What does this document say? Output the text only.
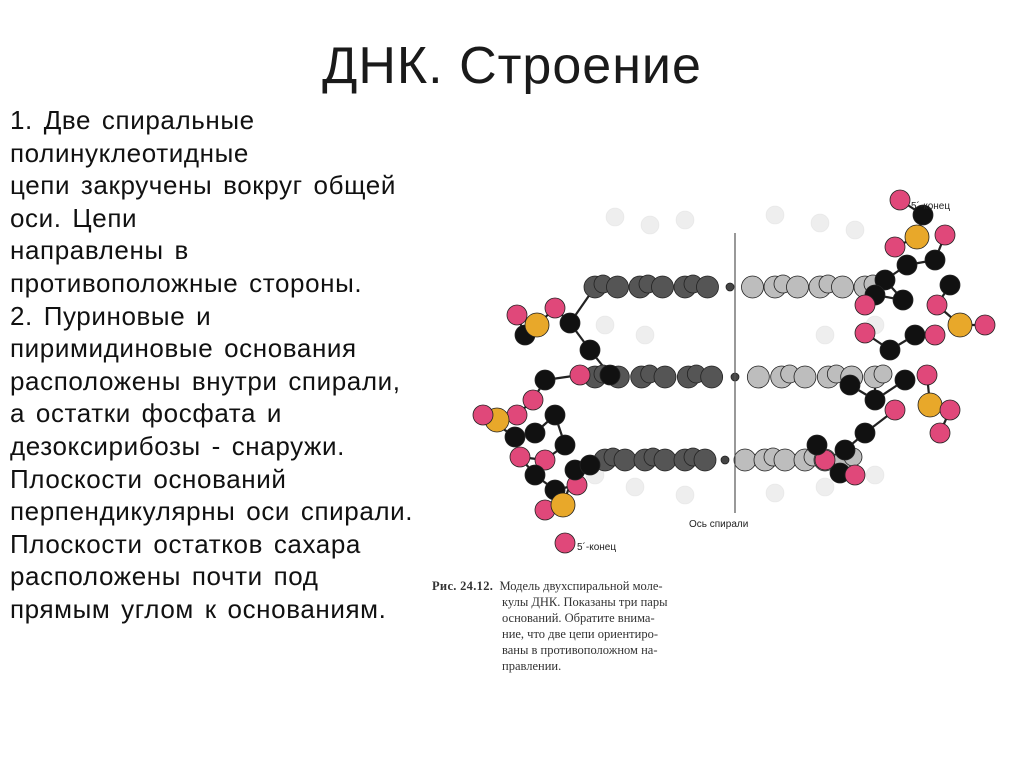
ДНК. Строение
1. Две спиральные
полинуклеотидные
цепи закручены вокруг общей
оси. Цепи
направлены в
противоположные стороны.
2. Пуриновые и
пиримидиновые основания
расположены внутри спирали,
а остатки фосфата и
дезоксирибозы - снаружи.
Плоскости оснований
перпендикулярны оси спирали.
Плоскости остатков сахара
расположены почти под
прямым углом к основаниям.
5´-конец
5´-конец
Ось спирали
Рис. 24.12. Модель двухспиральной моле-
кулы ДНК. Показаны три пары
оснований. Обратите внима-
ние, что две цепи ориентиро-
ваны в противоположном на-
правлении.
